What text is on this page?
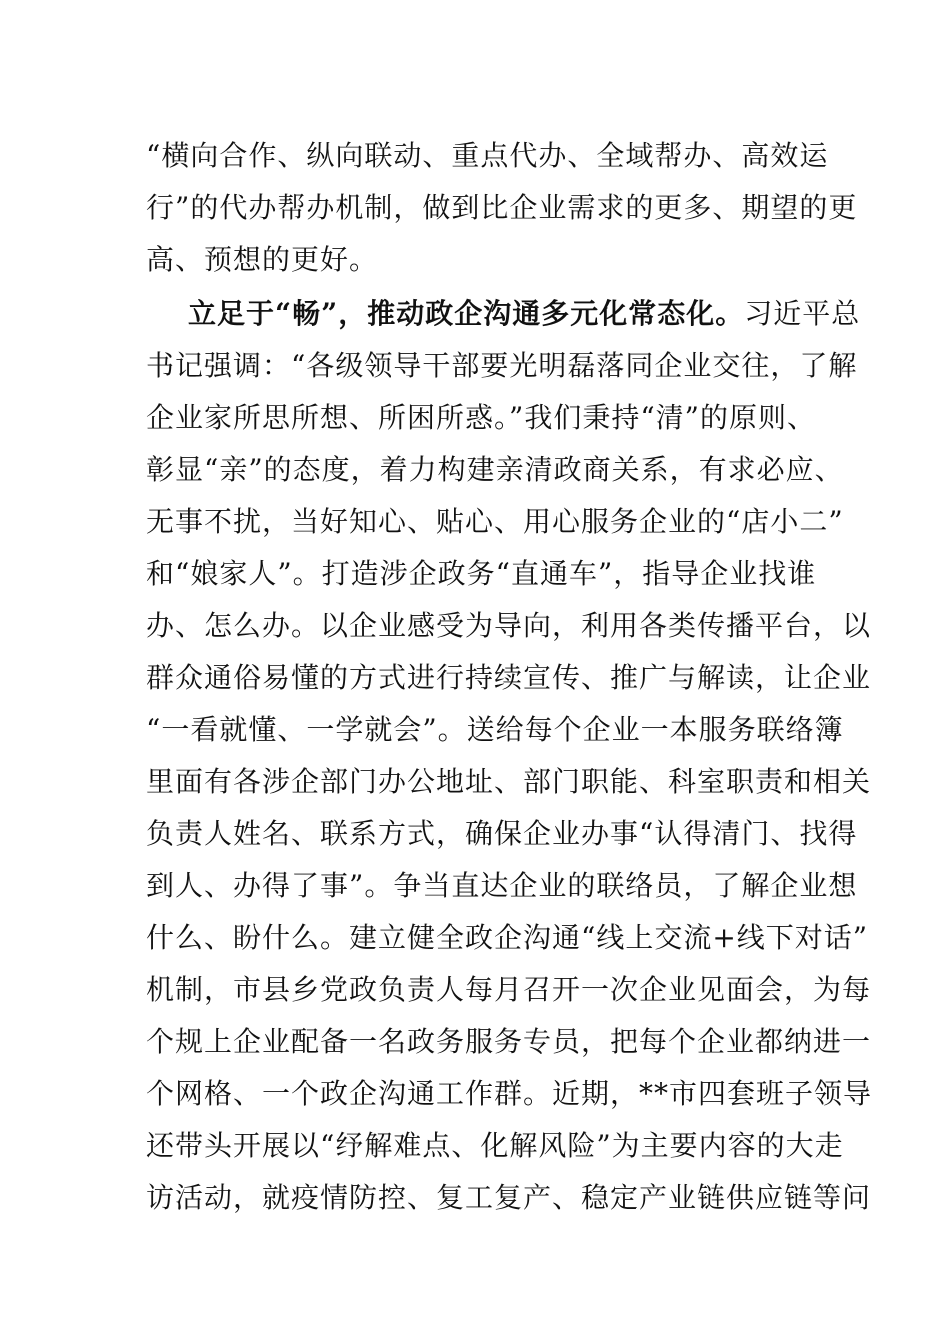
“横向合作、纵向联动、重点代办、全域帮办、高效运
行”的代办帮办机制，做到比企业需求的更多、期望的更
高、预想的更好。
立足于“畅”，推动政企沟通多元化常态化。习近平总
书记强调：“各级领导干部要光明磊落同企业交往，了解
企业家所思所想、所困所惑。”我们秉持“清”的原则、
彰显“亲”的态度，着力构建亲清政商关系，有求必应、
无事不扰，当好知心、贴心、用心服务企业的“店小二”
和“娘家人”。打造涉企政务“直通车”，指导企业找谁
办、怎么办。以企业感受为导向，利用各类传播平台，以
群众通俗易懂的方式进行持续宣传、推广与解读，让企业
“一看就懂、一学就会”。送给每个企业一本服务联络簿
里面有各涉企部门办公地址、部门职能、科室职责和相关
负责人姓名、联系方式，确保企业办事“认得清门、找得
到人、办得了事”。争当直达企业的联络员，了解企业想
什么、盼什么。建立健全政企沟通“线上交流+线下对话”
机制，市县乡党政负责人每月召开一次企业见面会，为每
个规上企业配备一名政务服务专员，把每个企业都纳进一
个网格、一个政企沟通工作群。近期，**市四套班子领导
还带头开展以“纾解难点、化解风险”为主要内容的大走
访活动，就疫情防控、复工复产、稳定产业链供应链等问
